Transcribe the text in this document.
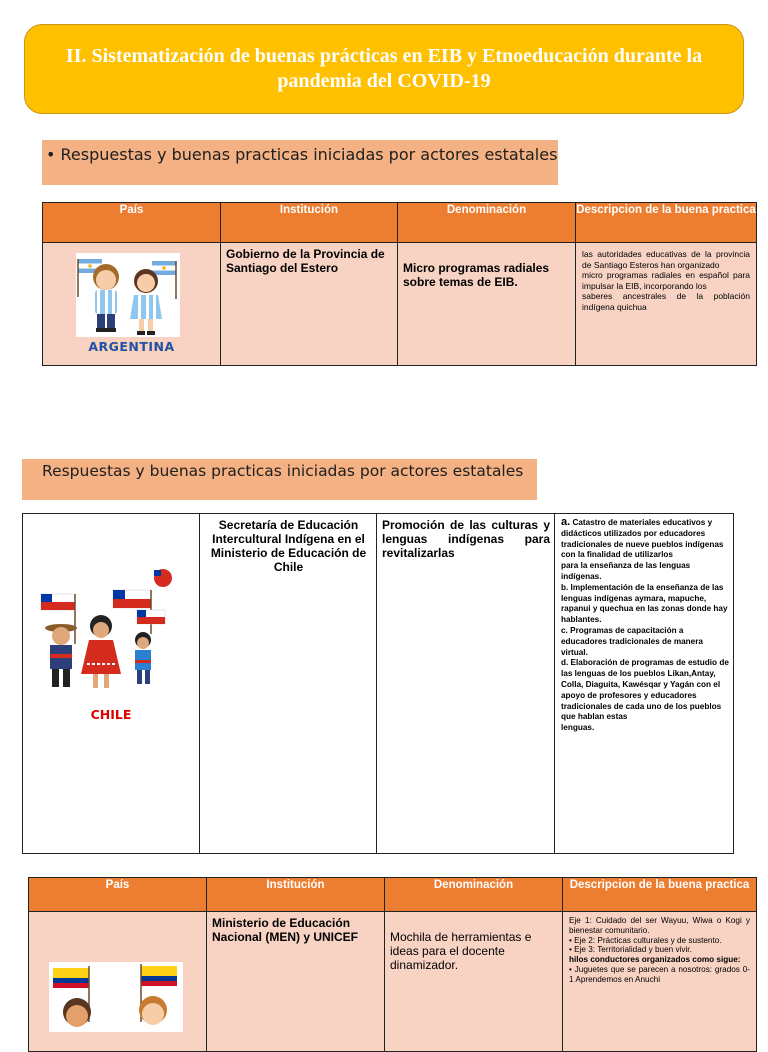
II. Sistematización de buenas prácticas en EIB y Etnoeducación durante la pandemia del COVID-19
• Respuestas y buenas practicas iniciadas por actores estatales
País	Institución	Denominación	Descripcion de la buena practica

ARGENTINA	Gobierno de la Provincia de Santiago del Estero	Micro programas radiales sobre temas de EIB.	las autoridades educativas de la provincia de Santiago Esteros han organizado
micro programas radiales en español para impulsar la EIB, incorporando los
saberes ancestrales de la población indígena quichua
Respuestas y buenas practicas iniciadas por actores estatales
CHILE
	Secretaría de Educación Intercultural Indígena en el Ministerio de Educación de Chile	Promoción de las culturas y lenguas indígenas para revitalizarlas	a. Catastro de materiales educativos y didácticos utilizados por educadores
tradicionales de nueve pueblos indígenas con la finalidad de utilizarlos
para la enseñanza de las lenguas indígenas.
b. Implementación de la enseñanza de las lenguas indígenas aymara, mapuche, rapanui y quechua en las zonas donde hay hablantes.
c. Programas de capacitación a educadores tradicionales de manera virtual.
d. Elaboración de programas de estudio de las lenguas de los pueblos Likan,Antay, Colla, Diaguita, Kawésqar y Yagán con el apoyo de profesores y educadores tradicionales de cada uno de los pueblos que hablan estas
lenguas.
País	Institución	Denominación	Descripcion de la buena practica

	Ministerio de Educación Nacional (MEN) y UNICEF	Mochila de herramientas e ideas para el docente dinamizador.	Eje 1: Cuidado del ser Wayuu, Wiwa o Kogi y bienestar comunitario.
• Eje 2: Prácticas culturales y de sustento.
• Eje 3: Territorialidad y buen vivir.
hilos conductores organizados como sigue:
• Juguetes que se parecen a nosotros: grados 0-1 Aprendemos en Anuchi
